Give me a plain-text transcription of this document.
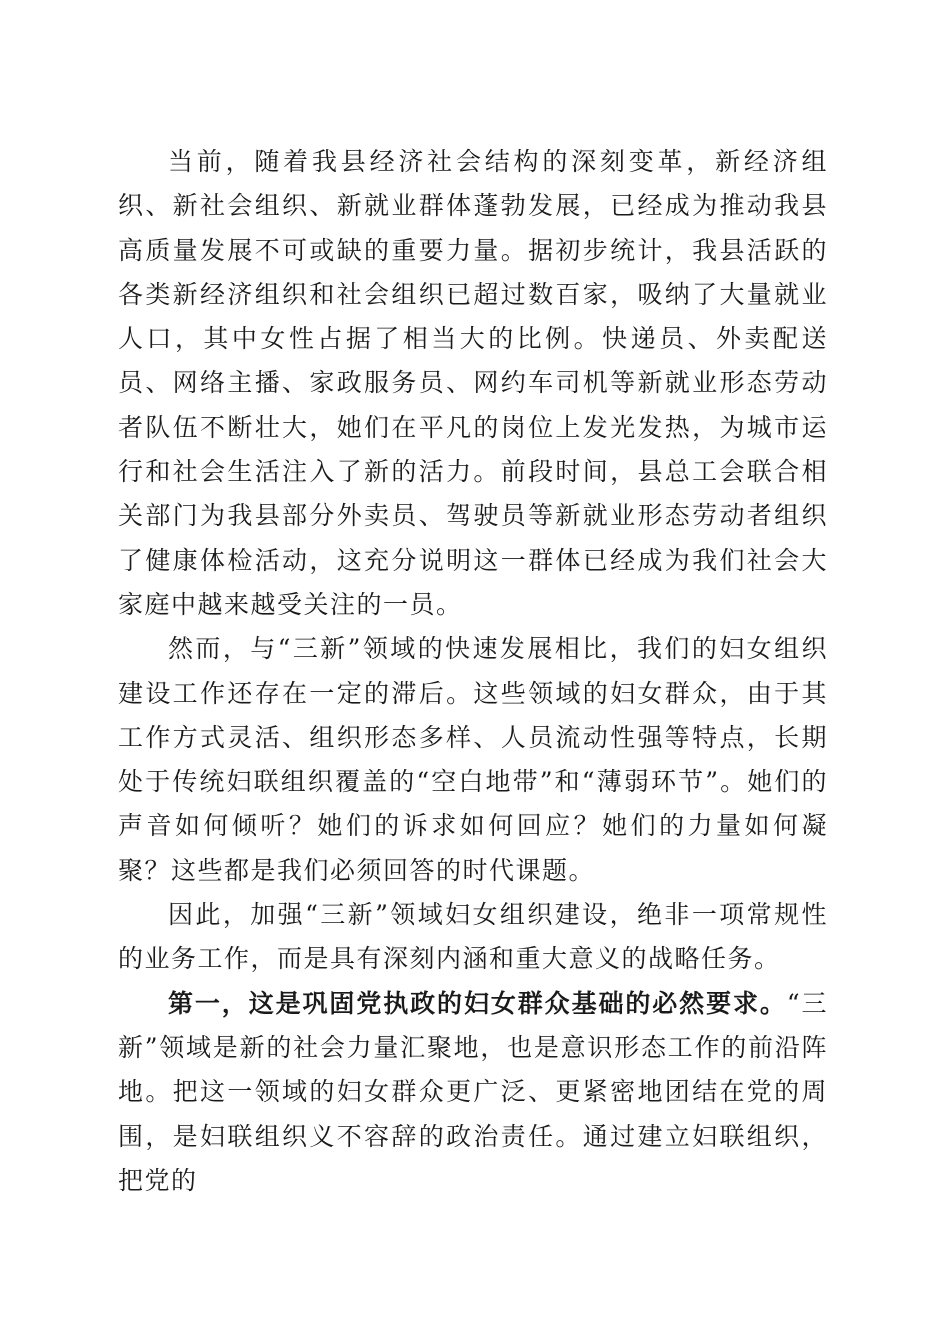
当前，随着我县经济社会结构的深刻变革，新经济组织、新社会组织、新就业群体蓬勃发展，已经成为推动我县高质量发展不可或缺的重要力量。据初步统计，我县活跃的各类新经济组织和社会组织已超过数百家，吸纳了大量就业人口，其中女性占据了相当大的比例。快递员、外卖配送员、网络主播、家政服务员、网约车司机等新就业形态劳动者队伍不断壮大，她们在平凡的岗位上发光发热，为城市运行和社会生活注入了新的活力。前段时间，县总工会联合相关部门为我县部分外卖员、驾驶员等新就业形态劳动者组织了健康体检活动，这充分说明这一群体已经成为我们社会大家庭中越来越受关注的一员。

然而，与“三新”领域的快速发展相比，我们的妇女组织建设工作还存在一定的滞后。这些领域的妇女群众，由于其工作方式灵活、组织形态多样、人员流动性强等特点，长期处于传统妇联组织覆盖的“空白地带”和“薄弱环节”。她们的声音如何倾听？她们的诉求如何回应？她们的力量如何凝聚？这些都是我们必须回答的时代课题。

因此，加强“三新”领域妇女组织建设，绝非一项常规性的业务工作，而是具有深刻内涵和重大意义的战略任务。

第一，这是巩固党执政的妇女群众基础的必然要求。“三新”领域是新的社会力量汇聚地，也是意识形态工作的前沿阵地。把这一领域的妇女群众更广泛、更紧密地团结在党的周围，是妇联组织义不容辞的政治责任。通过建立妇联组织，把党的
